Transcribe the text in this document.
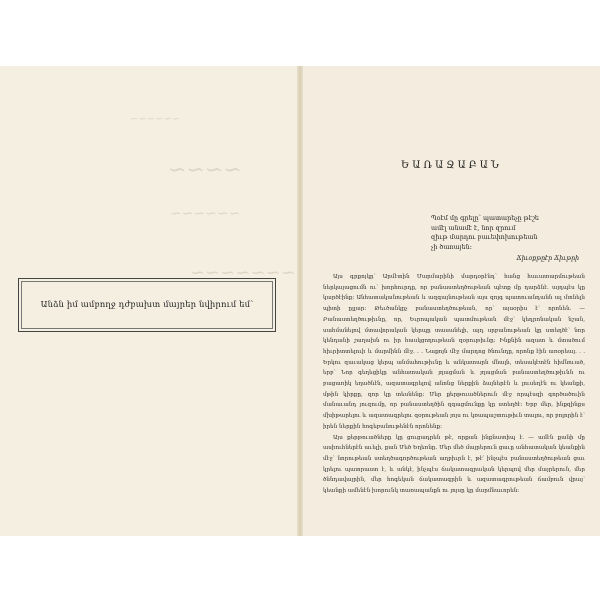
~~~~~~
~~~~
~~~~~~
~~~~~~~
Անձն իմ ամբողջ դժբախտ մայրեր նվիրում եմ՝
ԵԱՌԱՋԱԲԱՆ
Պօէմ մը գրելը՝ պատարեչը թէշե
ամէլ անամէ է, նոր զրում
զիւթ մարդու բաւեփոխութեան
չի ծառայեն։
Ճիւօքթըէր Ճիւթրի

Այս գրքոյկը՝ Արմէտին Մարմարինի մարդօրէնդ՝ հանց հաւատարմութեան ներկայացումն ու՝ խորհուրդը, որ բանաստեղծութեան պէտք մը դարձնէ. այդպէս կը կարծէինք։ Անհատականութեան և ազգայնութեան այս զոյգ պատուանդանն ալ մտնելն պիտի ըլլար: Թեւծանկըչ բանաստեղծութեան, որ՝ այսօրիս է՝ որոնեն. — Բանաստեղծութիւնը, որ, Եւրոպական պատմութեան մէջ՝ կեդրոնական նշան, սահմանելով մտավորական կերպը տասանելի, այդ սրբանութեան կը ստեղծէ՝ նոր կենդանի շաղախն ու իր հասկցողութեան զօրութիւնը։ Ինքնին ազատ և մտածում հիւրիտտելուի և մարմինն մէջ. . . Նաքոյն մէջ մարդոց ծնունդը, որոնք էին առօրեայ. . . Երկու զաւակաց կերպ անմահութիւնը և անկատարն մնալն, տեսակէտէն հիմնուած, երբ՝ Նոր գեղեցիկը անհատական յղացման և յղացման բանաստեղծութիւնն ու բացառիկ եղածնէն, ազատագրելով անոնց ներքին ձայներէն և լուսեղէն ու կեանքի, մթին կիրքը, զոր կը տեսնենք։ Մեր քերթուածներուն մէջ որպէսզի գործածուին մանաւանդ յուզումը, որ բանաստեղծին զգացմունքը կը ստեղծէ: Երբ մեր, ինքզինքս մխիթարելու և ազատագրելու զօրութեան յոյս ու կռապաշտութիւն տալու, որ բոլորին է՝ իրեն ներքին հոգեբանութենէն որոնենք։

Այս քերթուածները կը ցուցադրեն թէ, որքան ինքնատիպ է. — ամէն քանի մը ասիուհներէն աւելի, քան Մեծ Եղեռնը. Մեր մեծ մայրերուն ցաւը անհատական կեանքին մէջ՝ նորութեան ստեղծագործութեան աղբիւրն է, թէ՛ ինչպէս բանաստեղծութեան ցաւ կրելու պատրաստ է, և անկէ, ինչպէս ճակատագրական կերպով մեր մայրերուն, մեր ծննդավայրին, մեր հոգեկան ճակատագրին և ազատագրութեան ճամբուն վրայ՝ կեանքի ամենէն խորունկ տառապանքն ու յոյսը կը մարմնաւորեն։
